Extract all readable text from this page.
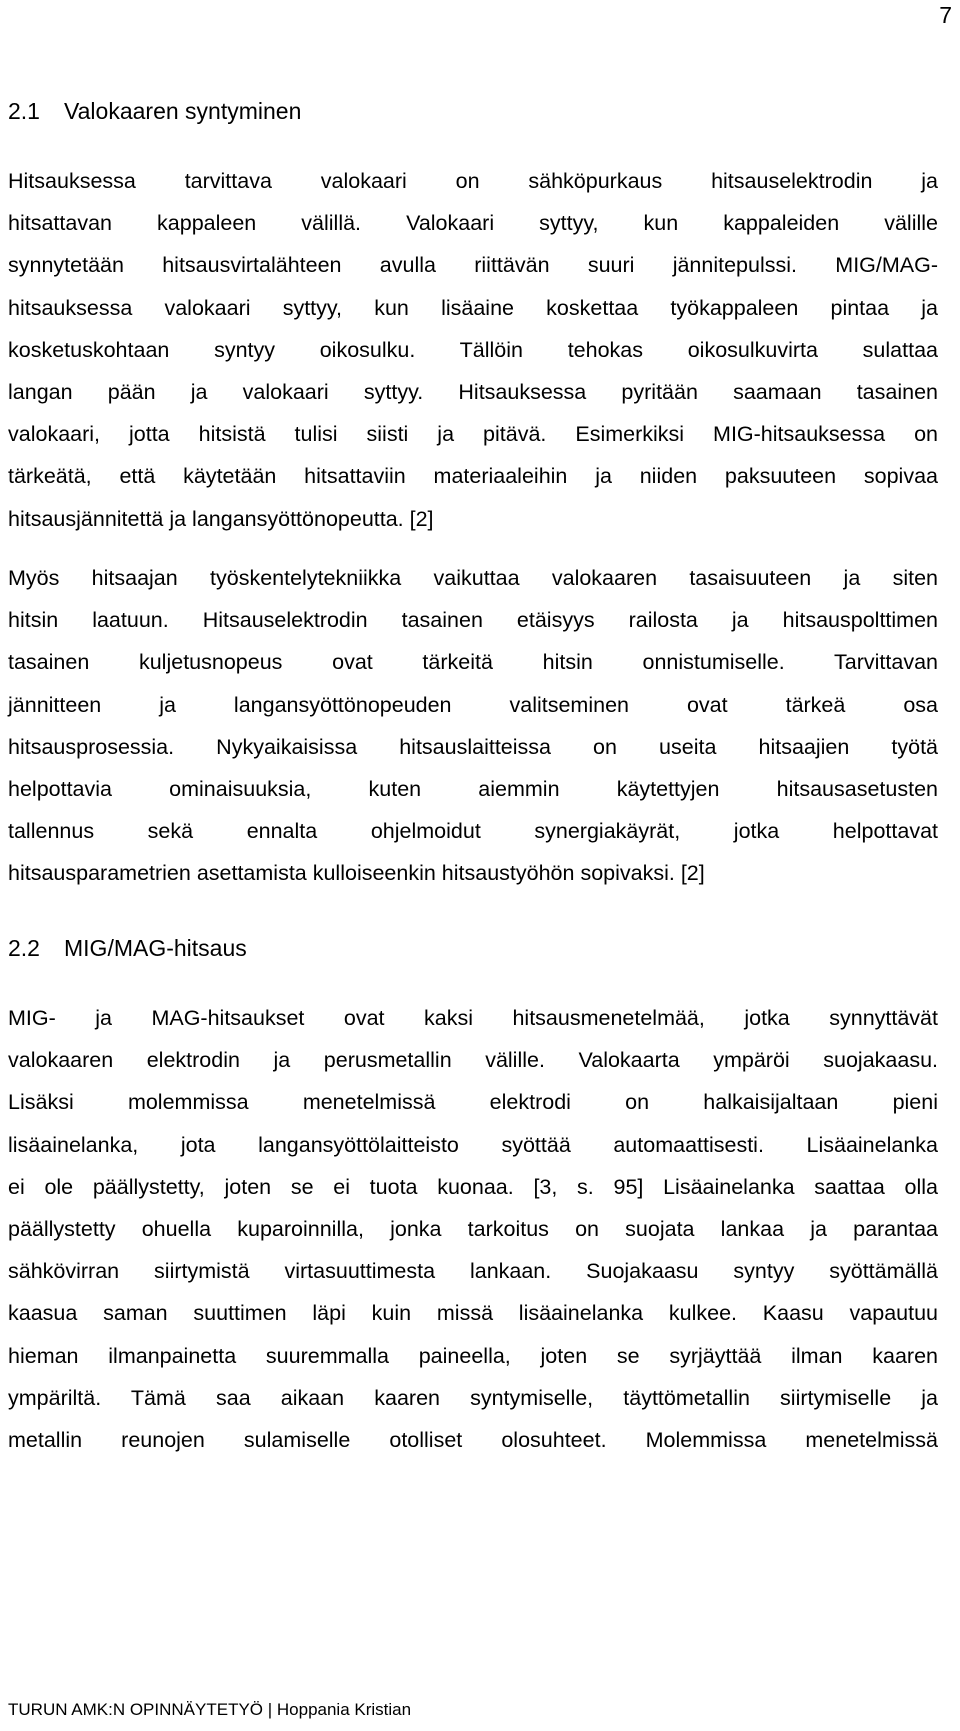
7
2.1 Valokaaren syntyminen

Hitsauksessa tarvittava valokaari on sähköpurkaus hitsauselektrodin ja
hitsattavan kappaleen välillä. Valokaari syttyy, kun kappaleiden välille
synnytetään hitsausvirtalähteen avulla riittävän suuri jännitepulssi. MIG/MAG-
hitsauksessa valokaari syttyy, kun lisäaine koskettaa työkappaleen pintaa ja
kosketuskohtaan syntyy oikosulku. Tällöin tehokas oikosulkuvirta sulattaa
langan pään ja valokaari syttyy. Hitsauksessa pyritään saamaan tasainen
valokaari, jotta hitsistä tulisi siisti ja pitävä. Esimerkiksi MIG-hitsauksessa on
tärkeätä, että käytetään hitsattaviin materiaaleihin ja niiden paksuuteen sopivaa
hitsausjännitettä ja langansyöttönopeutta. [2]

Myös hitsaajan työskentelytekniikka vaikuttaa valokaaren tasaisuuteen ja siten
hitsin laatuun. Hitsauselektrodin tasainen etäisyys railosta ja hitsauspolttimen
tasainen kuljetusnopeus ovat tärkeitä hitsin onnistumiselle. Tarvittavan
jännitteen ja langansyöttönopeuden valitseminen ovat tärkeä osa
hitsausprosessia. Nykyaikaisissa hitsauslaitteissa on useita hitsaajien työtä
helpottavia ominaisuuksia, kuten aiemmin käytettyjen hitsausasetusten
tallennus sekä ennalta ohjelmoidut synergiakäyrät, jotka helpottavat
hitsausparametrien asettamista kulloiseenkin hitsaustyöhön sopivaksi. [2]

2.2 MIG/MAG-hitsaus

MIG- ja MAG-hitsaukset ovat kaksi hitsausmenetelmää, jotka synnyttävät
valokaaren elektrodin ja perusmetallin välille. Valokaarta ympäröi suojakaasu.
Lisäksi molemmissa menetelmissä elektrodi on halkaisijaltaan pieni
lisäainelanka, jota langansyöttölaitteisto syöttää automaattisesti. Lisäainelanka
ei ole päällystetty, joten se ei tuota kuonaa. [3, s. 95] Lisäainelanka saattaa olla
päällystetty ohuella kuparoinnilla, jonka tarkoitus on suojata lankaa ja parantaa
sähkövirran siirtymistä virtasuuttimesta lankaan. Suojakaasu syntyy syöttämällä
kaasua saman suuttimen läpi kuin missä lisäainelanka kulkee. Kaasu vapautuu
hieman ilmanpainetta suuremmalla paineella, joten se syrjäyttää ilman kaaren
ympäriltä. Tämä saa aikaan kaaren syntymiselle, täyttömetallin siirtymiselle ja
metallin reunojen sulamiselle otolliset olosuhteet. Molemmissa menetelmissä

TURUN AMK:N OPINNÄYTETYÖ | Hoppania Kristian
